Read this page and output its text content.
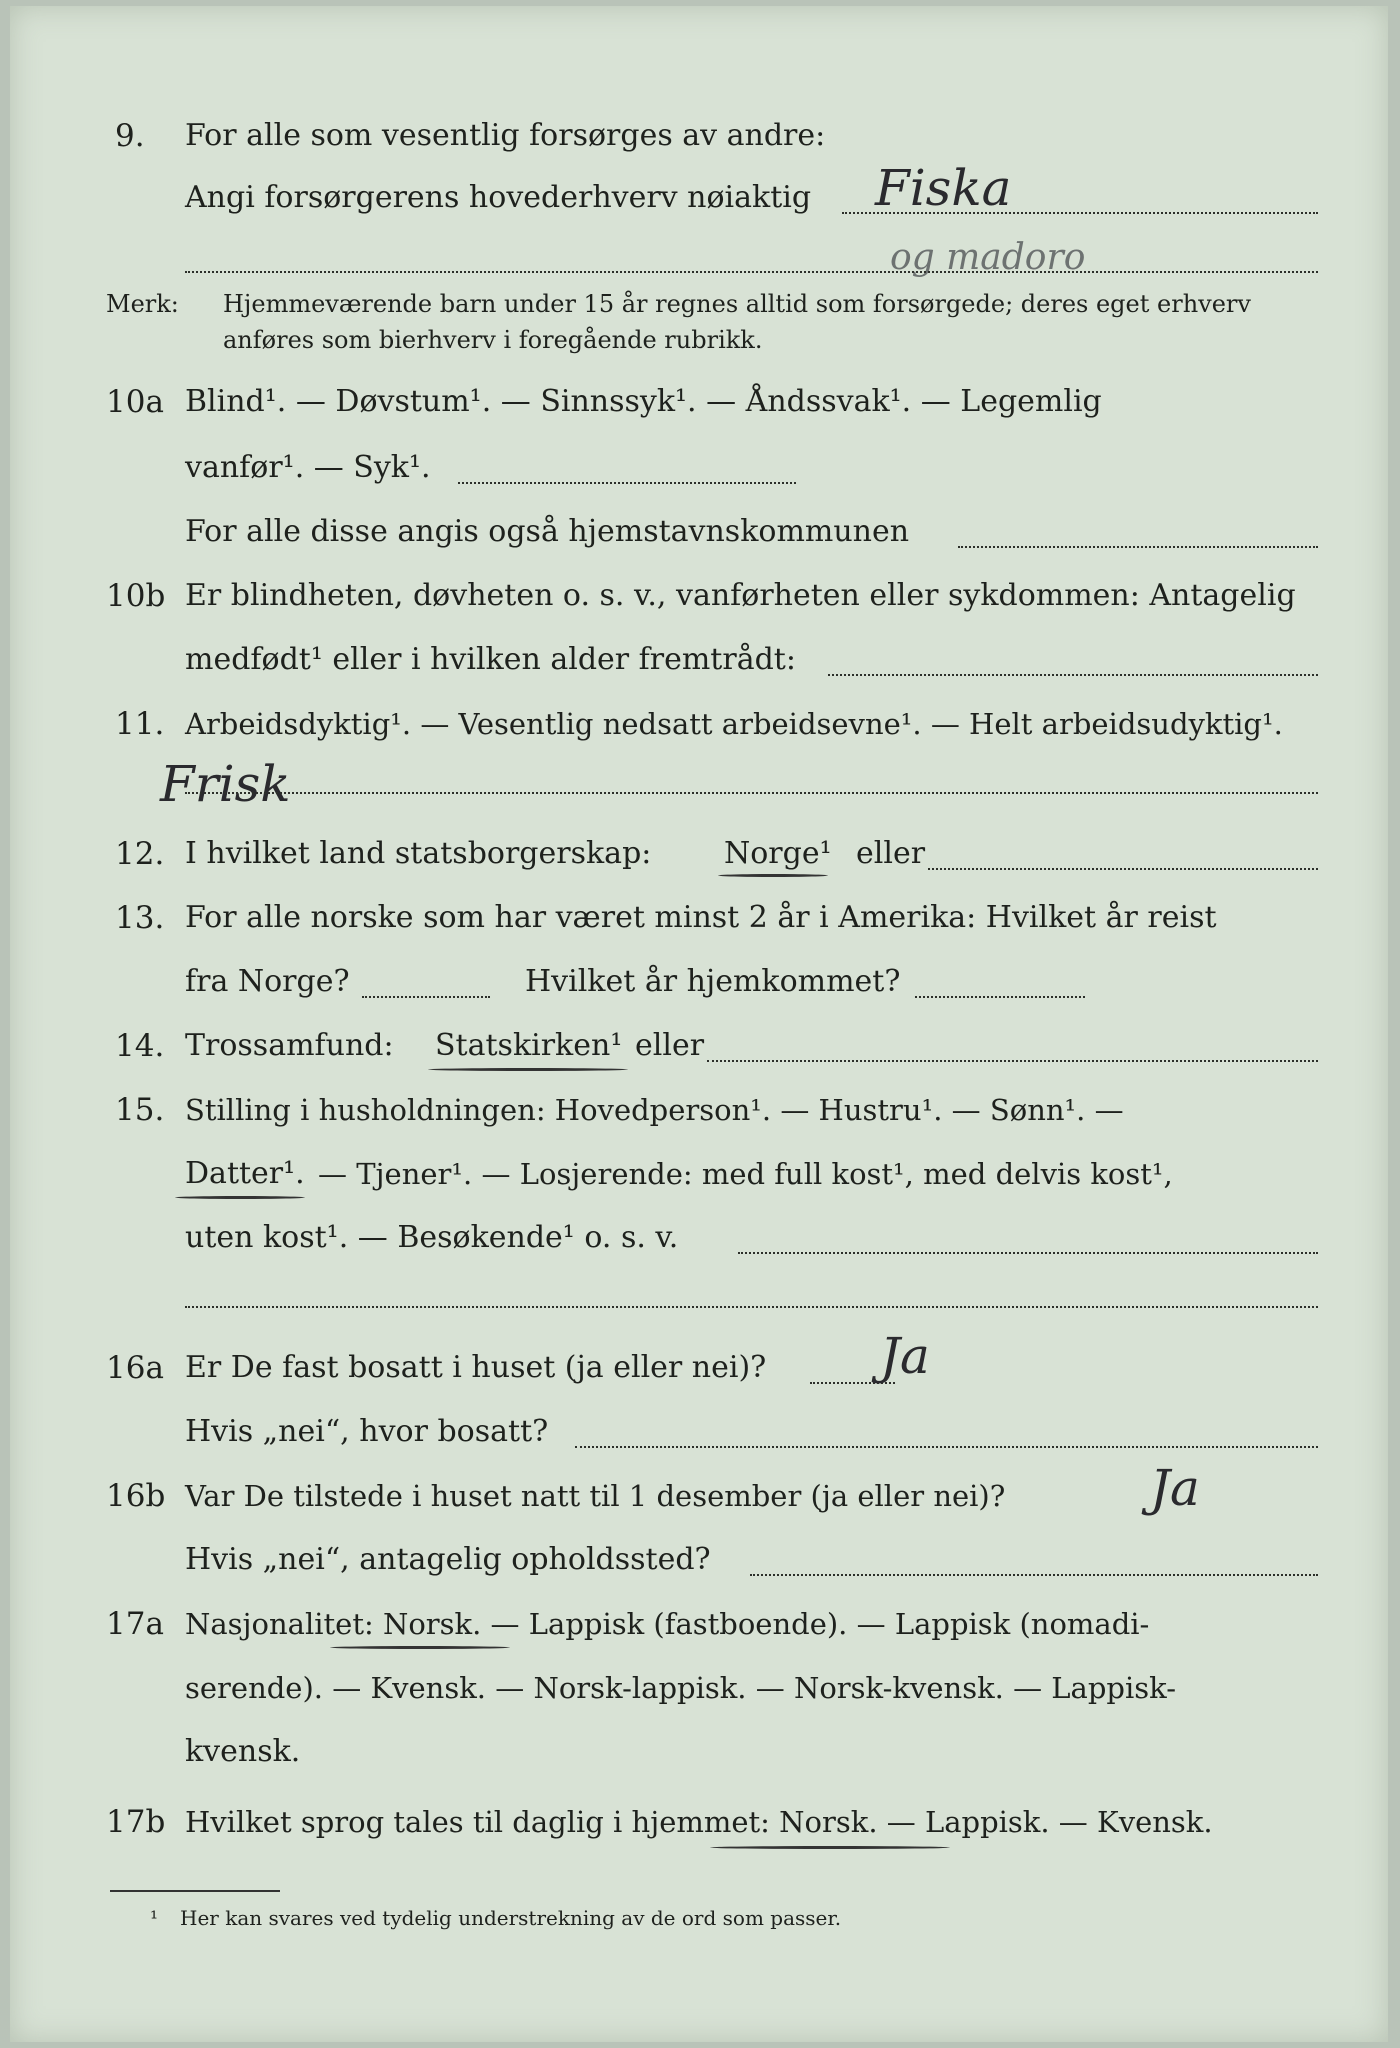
9. For alle som vesentlig forsørges av andre:
Angi forsørgerens hovederhverv nøiaktig Fiska
og madoro
Merk: Hjemmeværende barn under 15 år regnes alltid som forsørgede; deres eget erhverv
anføres som bierhverv i foregående rubrikk.
10a Blind¹. — Døvstum¹. — Sinnssyk¹. — Åndssvak¹. — Legemlig
vanfør¹. — Syk¹.
For alle disse angis også hjemstavnskommunen
10b Er blindheten, døvheten o. s. v., vanførheten eller sykdommen: Antagelig
medfødt¹ eller i hvilken alder fremtrådt:
11. Arbeidsdyktig¹. — Vesentlig nedsatt arbeidsevne¹. — Helt arbeidsudyktig¹.
Frisk
12. I hvilket land statsborgerskap: Norge¹ eller
13. For alle norske som har været minst 2 år i Amerika: Hvilket år reist
fra Norge?	Hvilket år hjemkommet?
14. Trossamfund: Statskirken¹ eller
15. Stilling i husholdningen: Hovedperson¹. — Hustru¹. — Sønn¹. —
Datter¹. — Tjener¹. — Losjerende: med full kost¹, med delvis kost¹,
uten kost¹. — Besøkende¹ o. s. v.
16a Er De fast bosatt i huset (ja eller nei)? Ja
Hvis „nei“, hvor bosatt?
16b Var De tilstede i huset natt til 1 desember (ja eller nei)?	Ja
Hvis „nei“, antagelig opholdssted?
17a Nasjonalitet: Norsk. — Lappisk (fastboende). — Lappisk (nomadi-
serende). — Kvensk. — Norsk-lappisk. — Norsk-kvensk. — Lappisk-
kvensk.
17b Hvilket sprog tales til daglig i hjemmet: Norsk. — Lappisk. — Kvensk.
¹ Her kan svares ved tydelig understrekning av de ord som passer.
